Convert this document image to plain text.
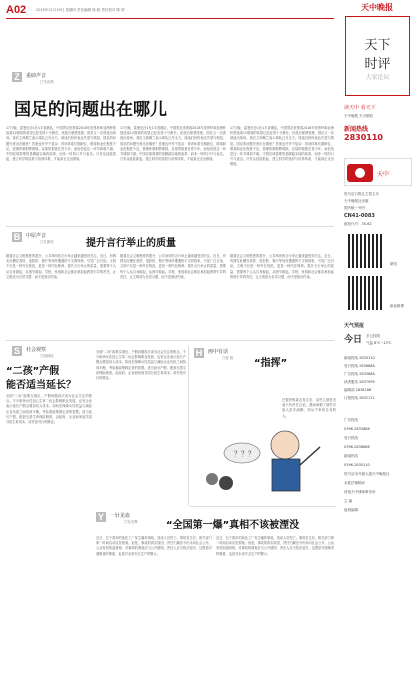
A02	2015年11月19日 星期四 责任编辑 杨 帆 责任校对 陈 婷	天中晚报
天下
时评
大家论坛
Z	重磅声音
□马亮晨
国足的问题出在哪儿
17日晚，雷曼尼沙1比1平香港队，中国男足世预赛2018年世界杯和亚洲杯预选赛12强赛的希望已经变得十分渺茫。民族自豪感受挫，国足又一次被逐出赛场。赛后主帅佩兰表示球队已尽全力，球迷们纷纷表达失望与愤怒。国足的问题究竟出在哪里？答案也许并不复杂：青训体系长期缺位，联赛职业化程度不足，管理体制积弊难除。足球的根基在青少年，而恰恰是这一环节薄弱不堪。中国足球需要的是脚踏实地的改革，而非一时的口号与表态。只有从娃娃抓起，建立科学的选材与培养体系，才能真正走出困境。
17日晚，雷曼尼沙1比1平香港队，中国男足世预赛2018年世界杯和亚洲杯预选赛12强赛的希望已经变得十分渺茫。民族自豪感受挫，国足又一次被逐出赛场。赛后主帅佩兰表示球队已尽全力，球迷们纷纷表达失望与愤怒。国足的问题究竟出在哪里？答案也许并不复杂：青训体系长期缺位，联赛职业化程度不足，管理体制积弊难除。足球的根基在青少年，而恰恰是这一环节薄弱不堪。中国足球需要的是脚踏实地的改革，而非一时的口号与表态。只有从娃娃抓起，建立科学的选材与培养体系，才能真正走出困境。
17日晚，雷曼尼沙1比1平香港队，中国男足世预赛2018年世界杯和亚洲杯预选赛12强赛的希望已经变得十分渺茫。民族自豪感受挫，国足又一次被逐出赛场。赛后主帅佩兰表示球队已尽全力，球迷们纷纷表达失望与愤怒。国足的问题究竟出在哪里？答案也许并不复杂：青训体系长期缺位，联赛职业化程度不足，管理体制积弊难除。足球的根基在青少年，而恰恰是这一环节薄弱不堪。中国足球需要的是脚踏实地的改革，而非一时的口号与表态。只有从娃娃抓起，建立科学的选材与培养体系，才能真正走出困境。
B	中原声音
□孔德亮	提升言行举止的质量
随着社会文明程度的提升，公共场所的言行举止越来越受到关注。近日，有网友吐槽在高铁、电影院、餐厅等场所遭遇的不文明现象，引发广泛讨论。文明不仅是一种外在规范，更是一种内在修养。提升言行举止的质量，需要每个人从自身做起，从细节做起。学校、家庭和社会都应承担起教育引导的责任，让文明成为自觉习惯，而不是被动约束。
随着社会文明程度的提升，公共场所的言行举止越来越受到关注。近日，有网友吐槽在高铁、电影院、餐厅等场所遭遇的不文明现象，引发广泛讨论。文明不仅是一种外在规范，更是一种内在修养。提升言行举止的质量，需要每个人从自身做起，从细节做起。学校、家庭和社会都应承担起教育引导的责任，让文明成为自觉习惯，而不是被动约束。
随着社会文明程度的提升，公共场所的言行举止越来越受到关注。近日，有网友吐槽在高铁、电影院、餐厅等场所遭遇的不文明现象，引发广泛讨论。文明不仅是一种外在规范，更是一种内在修养。提升言行举止的质量，需要每个人从自身做起，从细节做起。学校、家庭和社会都应承担起教育引导的责任，让文明成为自觉习惯，而不是被动约束。
S	社会观察
□周林浩
“二孩”产假
能否适当延长？
全面“二孩”政策实施后，产假问题再次成为社会关注的焦点。不少职场女性担心生育二孩会影响职业发展，也有企业表示延长产假会增加用人成本。如何在保障女性权益与减轻企业负担之间找到平衡，考验着政策制定者的智慧。适当延长产假，配套完善生育保险制度，由政府、企业和家庭共同分担生育成本，或许是可行的路径。
全面“二孩”政策实施后，产假问题再次成为社会关注的焦点。不少职场女性担心生育二孩会影响职业发展，也有企业表示延长产假会增加用人成本。如何在保障女性权益与减轻企业负担之间找到平衡，考验着政策制定者的智慧。适当延长产假，配套完善生育保险制度，由政府、企业和家庭共同分担生育成本，或许是可行的路径。
H	画中有话
□桂 宿 “指挥”
？？？
巴黎恐怖袭击发生后，某些人借机发表不负责任言论。漫画讽刺了那些对他人指手画脚、却从不审视自身的人。
Y	一针见血
□吴光辉	“全国第一爆”真相不该被湮没
近日，位于我市的某化工厂发生爆炸事故，造成人员伤亡。事故发生后，相关部门第一时间启动应急预案。但是，事故的真实原因、责任归属至今仍未向社会公开。公众有权知道真相，对事故的调查应当公开透明，责任人应当依法追究，这既是对遇难者的尊重，也是对未来安全生产的警示。
近日，位于我市的某化工厂发生爆炸事故，造成人员伤亡。事故发生后，相关部门第一时间启动应急预案。但是，事故的真实原因、责任归属至今仍未向社会公开。公众有权知道真相，对事故的调查应当公开透明，责任人应当依法追究，这既是对遇难者的尊重，也是对未来安全生产的警示。
读天中 看天下
天中晚报 天天精彩
新闻热线
2830110
天中
驻马店日报社主管主办
天中晚报社出版
国内统一刊号：
CN41-0083
邮发代号：35-62
微信
新浪微博
天气预报
今日 多云转阴
气温 8℃~13℃
新闻热线 2830110
发行热线 2836888
广告热线 2833888
读者服务 2837999
编辑部 2838168
订报热线 2832111
广告热线
0396-2833888
发行热线
0396-2836888
新闻热线
0396-2830110
驻马店市开源大道天中晚报社
本报法律顾问
河南天中律师事务所
主 编
值班编辑
